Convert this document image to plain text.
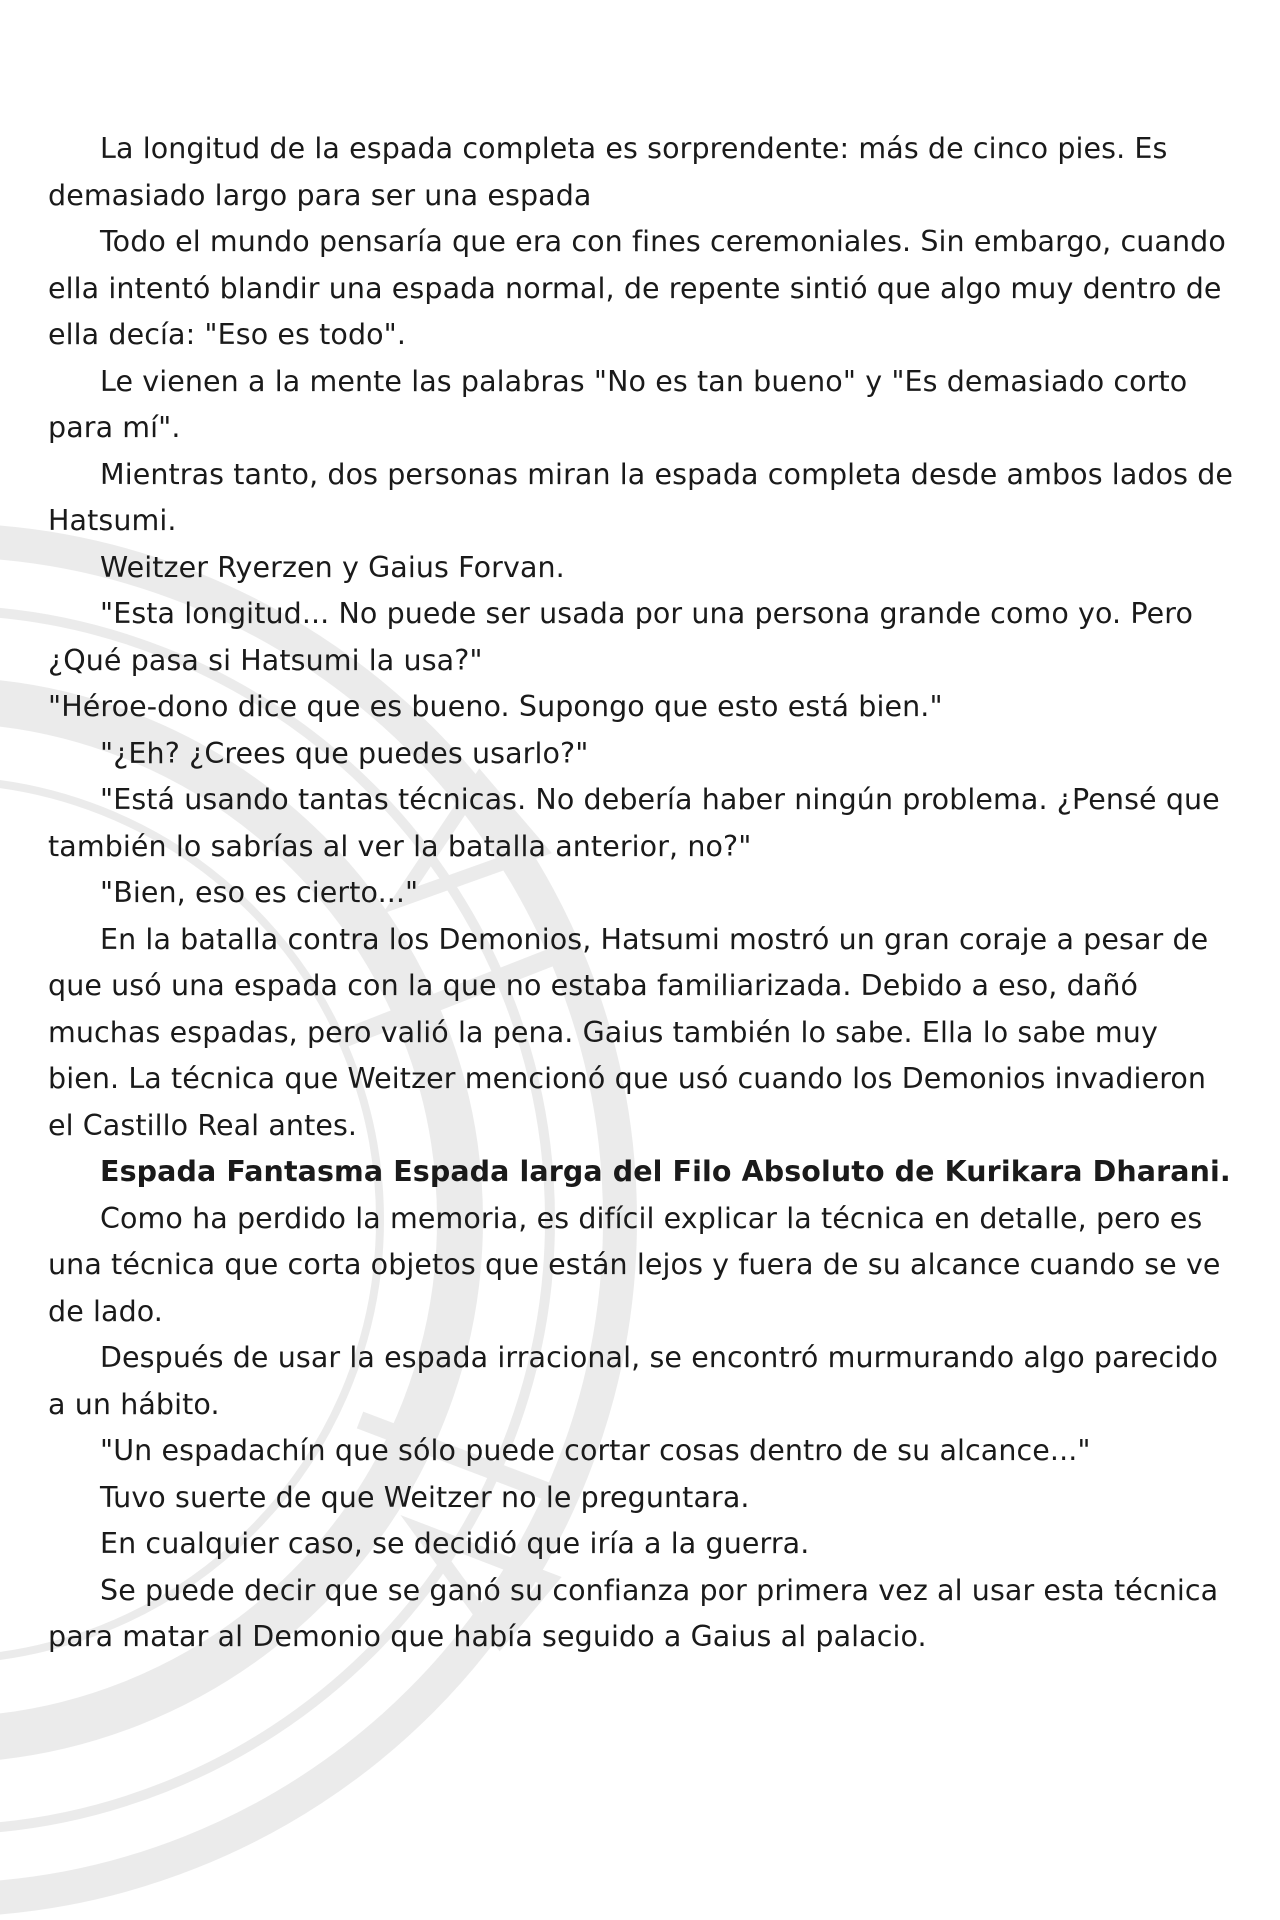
La longitud de la espada completa es sorprendente: más de cinco pies. Es demasiado largo para ser una espada

Todo el mundo pensaría que era con fines ceremoniales. Sin embargo, cuando ella intentó blandir una espada normal, de repente sintió que algo muy dentro de ella decía: "Eso es todo".

Le vienen a la mente las palabras "No es tan bueno" y "Es demasiado corto para mí".

Mientras tanto, dos personas miran la espada completa desde ambos lados de Hatsumi.

Weitzer Ryerzen y Gaius Forvan.

"Esta longitud... No puede ser usada por una persona grande como yo. Pero ¿Qué pasa si Hatsumi la usa?"

"Héroe-dono dice que es bueno. Supongo que esto está bien."

"¿Eh? ¿Crees que puedes usarlo?"

"Está usando tantas técnicas. No debería haber ningún problema. ¿Pensé que también lo sabrías al ver la batalla anterior, no?"

"Bien, eso es cierto..."

En la batalla contra los Demonios, Hatsumi mostró un gran coraje a pesar de que usó una espada con la que no estaba familiarizada. Debido a eso, dañó muchas espadas, pero valió la pena. Gaius también lo sabe. Ella lo sabe muy bien. La técnica que Weitzer mencionó que usó cuando los Demonios invadieron el Castillo Real antes.

Espada Fantasma Espada larga del Filo Absoluto de Kurikara Dharani.

Como ha perdido la memoria, es difícil explicar la técnica en detalle, pero es una técnica que corta objetos que están lejos y fuera de su alcance cuando se ve de lado.

Después de usar la espada irracional, se encontró murmurando algo parecido a un hábito.

"Un espadachín que sólo puede cortar cosas dentro de su alcance..."

Tuvo suerte de que Weitzer no le preguntara.

En cualquier caso, se decidió que iría a la guerra.

Se puede decir que se ganó su confianza por primera vez al usar esta técnica para matar al Demonio que había seguido a Gaius al palacio.
